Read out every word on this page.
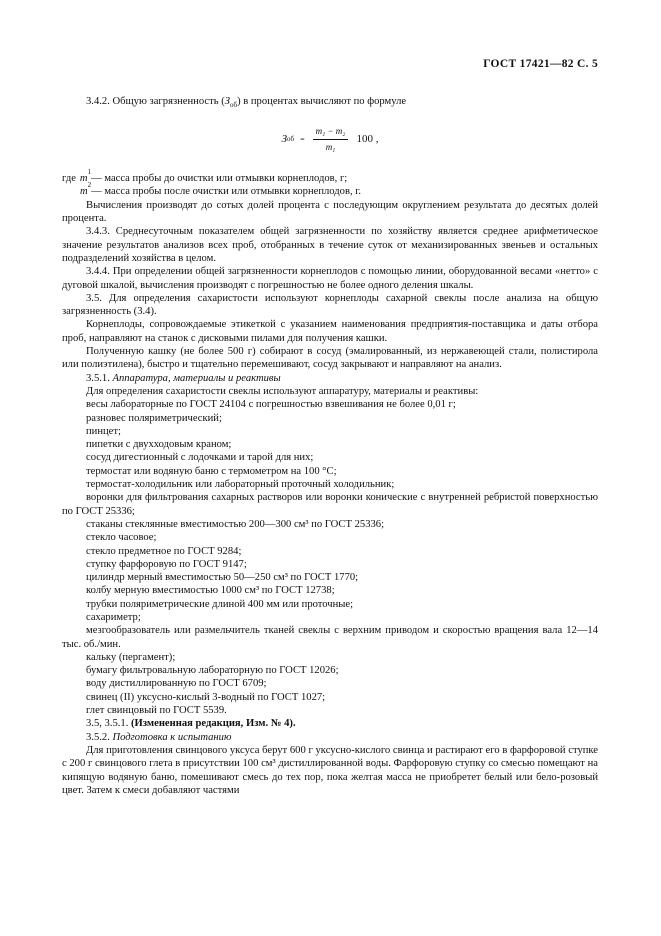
ГОСТ 17421—82 С. 5

3.4.2. Общую загрязненность $(З_{об})$ в процентах вычисляют по формуле

З об = $\frac{\text{m₁ − m₂}}{\text{m₁}} 100$ ,
где m
1
— масса пробы до очистки или отмывки корнеплодов, г;
m
2
— масса пробы после очистки или отмывки корнеплодов, г.

Вычисления производят до сотых долей процента с последующим округлением результата до десятых долей процента.

3.4.3. Среднесуточным показателем общей загрязненности по хозяйству является среднее арифметическое значение результатов анализов всех проб, отобранных в течение суток от механизированных звеньев и остальных подразделений хозяйства в целом.

3.4.4. При определении общей загрязненности корнеплодов с помощью линии, оборудованной весами «нетто» с дуговой шкалой, вычисления производят с погрешностью не более одного деления шкалы.

3.5. Для определения сахаристости используют корнеплоды сахарной свеклы после анализа на общую загрязненность (3.4).

Корнеплоды, сопровождаемые этикеткой с указанием наименования предприятия-поставщика и даты отбора проб, направляют на станок с дисковыми пилами для получения кашки.

Полученную кашку (не более 500 г) собирают в сосуд (эмалированный, из нержавеющей стали, полистирола или полиэтилена), быстро и тщательно перемешивают, сосуд закрывают и направляют на анализ.

3.5.1. Аппаратура, материалы и реактивы

Для определения сахаристости свеклы используют аппаратуру, материалы и реактивы:

весы лабораторные по ГОСТ 24104 с погрешностью взвешивания не более 0,01 г;

разновес поляриметрический;

пинцет;

пипетки с двухходовым краном;

сосуд дигестионный с лодочками и тарой для них;

термостат или водяную баню с термометром на 100 °С;

термостат-холодильник или лабораторный проточный холодильник;

воронки для фильтрования сахарных растворов или воронки конические с внутренней ребристой поверхностью по ГОСТ 25336;

стаканы стеклянные вместимостью 200—300 см³ по ГОСТ 25336;

стекло часовое;

стекло предметное по ГОСТ 9284;

ступку фарфоровую по ГОСТ 9147;

цилиндр мерный вместимостью 50—250 см³ по ГОСТ 1770;

колбу мерную вместимостью 1000 см³ по ГОСТ 12738;

трубки поляриметрические длиной 400 мм или проточные;

сахариметр;

мезгообразователь или размельчитель тканей свеклы с верхним приводом и скоростью вращения вала 12—14 тыс. об./мин.

кальку (пергамент);

бумагу фильтровальную лабораторную по ГОСТ 12026;

воду дистиллированную по ГОСТ 6709;

свинец (II) уксусно-кислый 3-водный по ГОСТ 1027;

глет свинцовый по ГОСТ 5539.

3.5, 3.5.1. (Измененная редакция, Изм. № 4).

3.5.2. Подготовка к испытанию

Для приготовления свинцового уксуса берут 600 г уксусно-кислого свинца и растирают его в фарфоровой ступке с 200 г свинцового глета в присутствии 100 см³ дистиллированной воды. Фарфоровую ступку со смесью помещают на кипящую водяную баню, помешивают смесь до тех пор, пока желтая масса не приобретет белый или бело-розовый цвет. Затем к смеси добавляют частями
